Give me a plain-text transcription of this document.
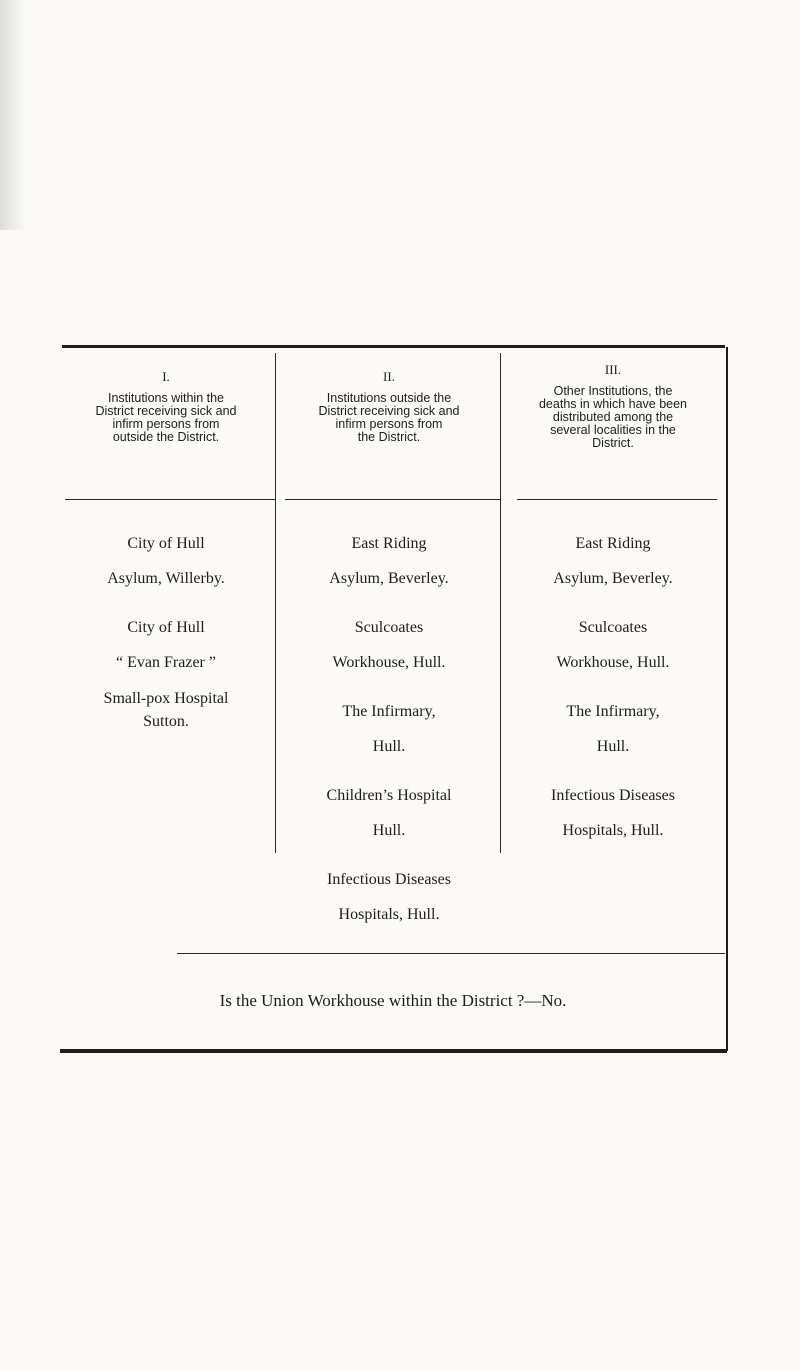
I.
Institutions within the
District receiving sick and
infirm persons from
outside the District.
II.
Institutions outside the
District receiving sick and
infirm persons from
the District.
III.
Other Institutions, the
deaths in which have been
distributed among the
several localities in the
District.
City of Hull
Asylum, Willerby.
City of Hull
“ Evan Frazer ”
Small-pox Hospital
Sutton.
East Riding
Asylum, Beverley.
Sculcoates
Workhouse, Hull.
The Infirmary,
Hull.
Children’s Hospital
Hull.
Infectious Diseases
Hospitals, Hull.
East Riding
Asylum, Beverley.
Sculcoates
Workhouse, Hull.
The Infirmary,
Hull.
Infectious Diseases
Hospitals, Hull.
Is the Union Workhouse within the District ?—No.
